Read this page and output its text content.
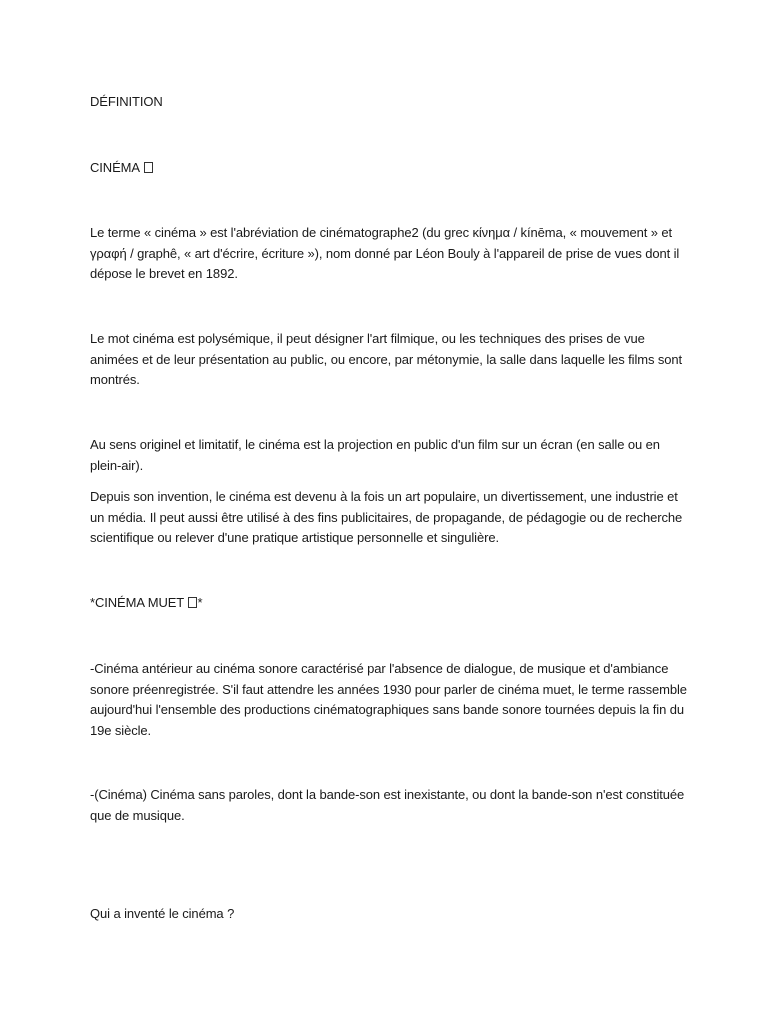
DÉFINITION
CINÉMA
Le terme « cinéma » est l'abréviation de cinématographe2 (du grec κίνημα / kínēma, « mouvement » et γραφή / graphê, « art d'écrire, écriture »), nom donné par Léon Bouly à l'appareil de prise de vues dont il dépose le brevet en 1892.
Le mot cinéma est polysémique, il peut désigner l'art filmique, ou les techniques des prises de vue animées et de leur présentation au public, ou encore, par métonymie, la salle dans laquelle les films sont montrés.
Au sens originel et limitatif, le cinéma est la projection en public d'un film sur un écran (en salle ou en plein-air).
Depuis son invention, le cinéma est devenu à la fois un art populaire, un divertissement, une industrie et un média. Il peut aussi être utilisé à des fins publicitaires, de propagande, de pédagogie ou de recherche scientifique ou relever d'une pratique artistique personnelle et singulière.
*CINÉMA MUET *
-Cinéma antérieur au cinéma sonore caractérisé par l'absence de dialogue, de musique et d'ambiance sonore préenregistrée. S'il faut attendre les années 1930 pour parler de cinéma muet, le terme rassemble aujourd'hui l'ensemble des productions cinématographiques sans bande sonore tournées depuis la fin du 19e siècle.
-(Cinéma) Cinéma sans paroles, dont la bande-son est inexistante, ou dont la bande-son n'est constituée que de musique.
Qui a inventé le cinéma ?
